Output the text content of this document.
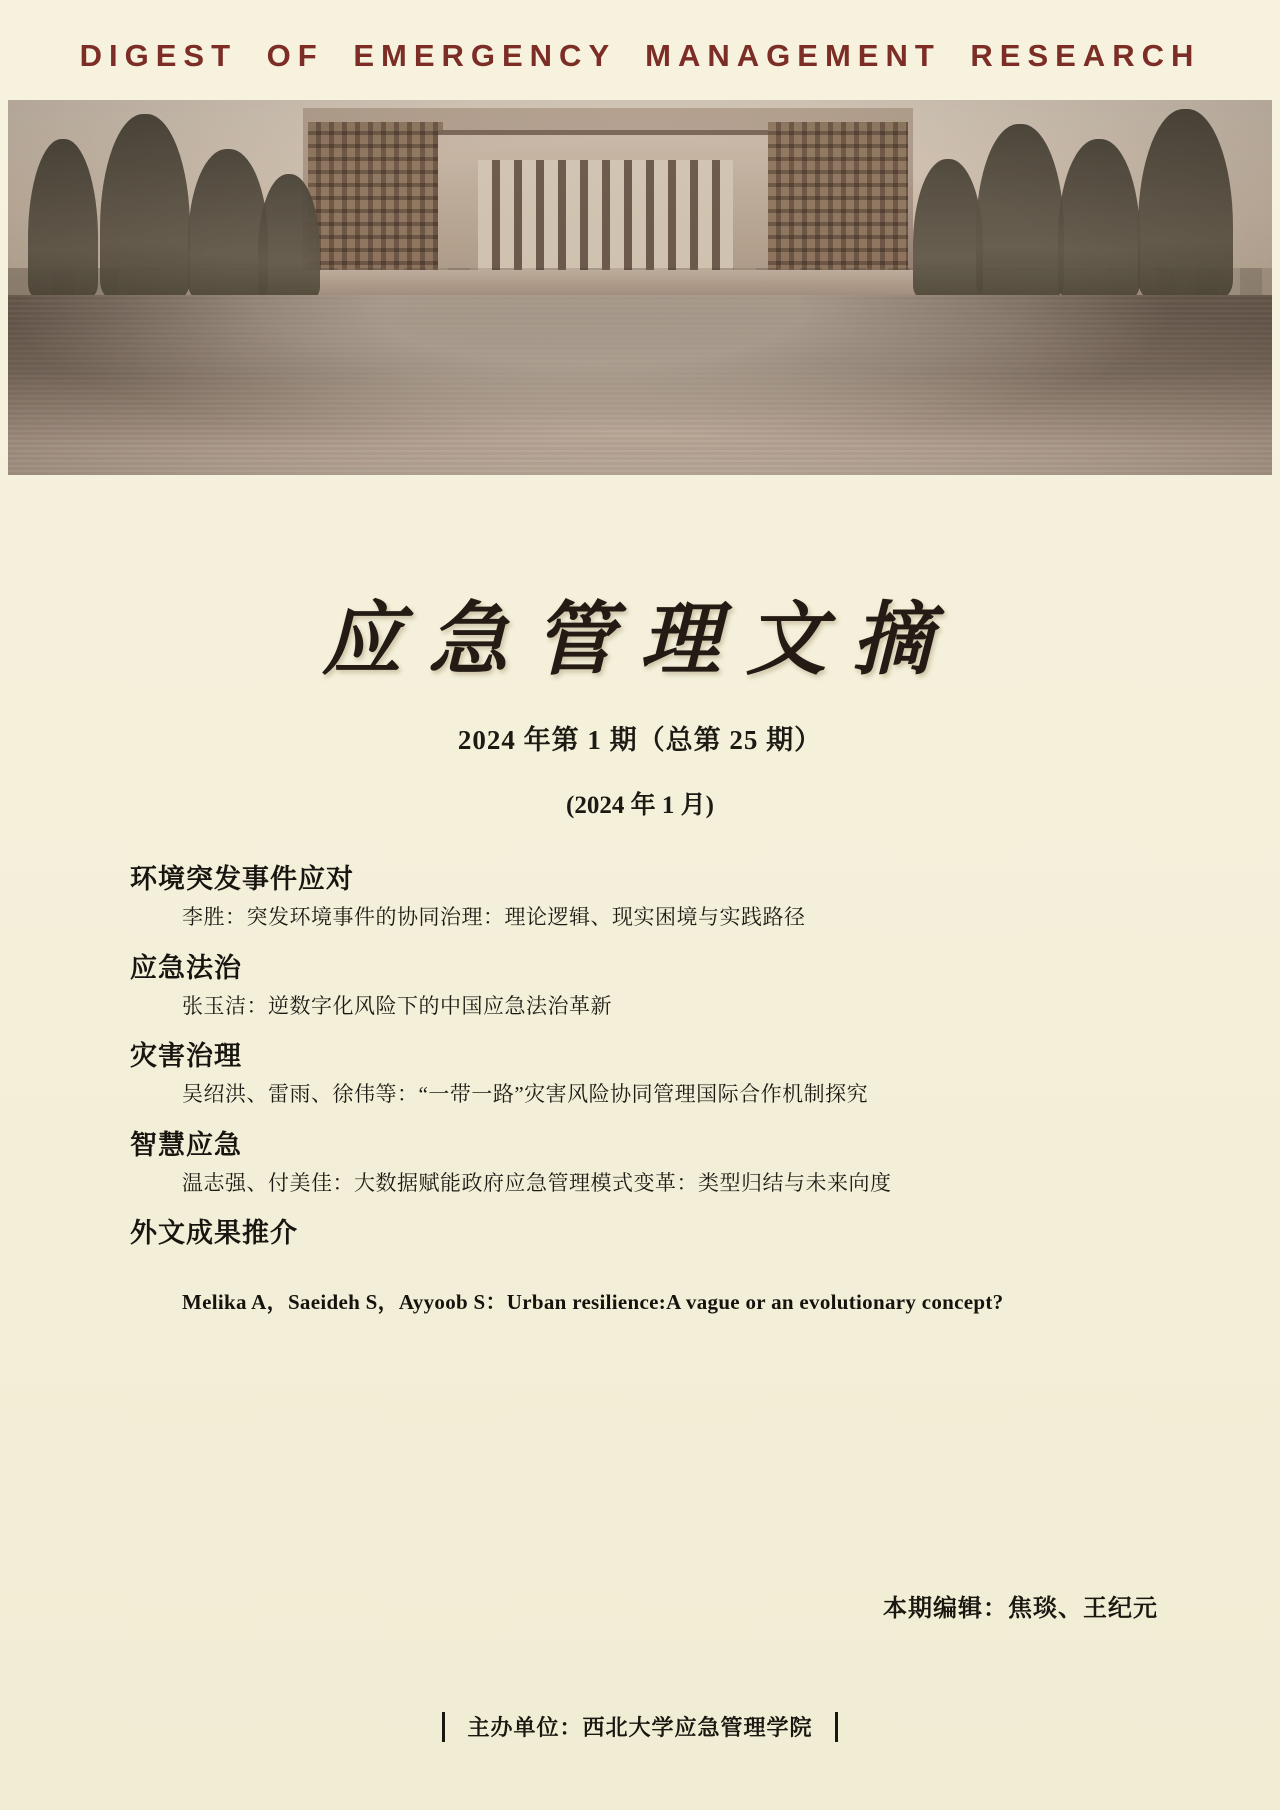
DIGEST OF EMERGENCY MANAGEMENT RESEARCH
应急管理文摘
2024 年第 1 期（总第 25 期）
(2024 年 1 月)
环境突发事件应对
李胜：突发环境事件的协同治理：理论逻辑、现实困境与实践路径
应急法治
张玉洁：逆数字化风险下的中国应急法治革新
灾害治理
吴绍洪、雷雨、徐伟等：“一带一路”灾害风险协同管理国际合作机制探究
智慧应急
温志强、付美佳：大数据赋能政府应急管理模式变革：类型归结与未来向度
外文成果推介
Melika A，Saeideh S，Ayyoob S：Urban resilience:A vague or an evolutionary concept?
本期编辑：焦琰、王纪元
主办单位：西北大学应急管理学院
